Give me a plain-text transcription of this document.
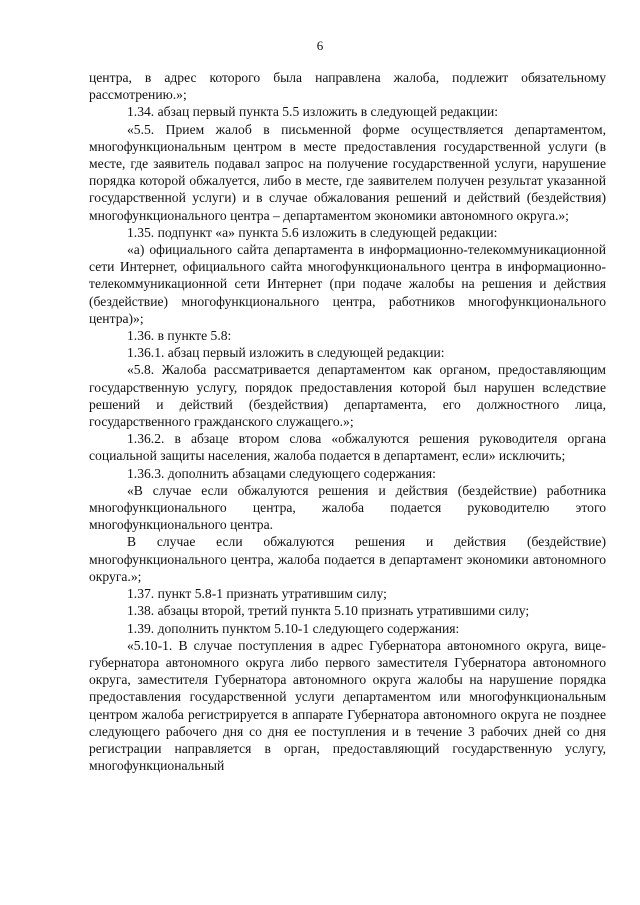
6

центра, в адрес которого была направлена жалоба, подлежит обязательному рассмотрению.»;

1.34. абзац первый пункта 5.5 изложить в следующей редакции:

«5.5. Прием жалоб в письменной форме осуществляется департаментом, многофункциональным центром в месте предоставления государственной услуги (в месте, где заявитель подавал запрос на получение государственной услуги, нарушение порядка которой обжалуется, либо в месте, где заявителем получен результат указанной государственной услуги) и в случае обжалования решений и действий (бездействия) многофункционального центра – департаментом экономики автономного округа.»;

1.35. подпункт «а» пункта 5.6 изложить в следующей редакции:

«а) официального сайта департамента в информационно-телекоммуникационной сети Интернет, официального сайта многофункционального центра в информационно-телекоммуникационной сети Интернет (при подаче жалобы на решения и действия (бездействие) многофункционального центра, работников многофункционального центра)»;

1.36. в пункте 5.8:

1.36.1. абзац первый изложить в следующей редакции:

«5.8. Жалоба рассматривается департаментом как органом, предоставляющим государственную услугу, порядок предоставления которой был нарушен вследствие решений и действий (бездействия) департамента, его должностного лица, государственного гражданского служащего.»;

1.36.2. в абзаце втором слова «обжалуются решения руководителя органа социальной защиты населения, жалоба подается в департамент, если» исключить;

1.36.3. дополнить абзацами следующего содержания:

«В случае если обжалуются решения и действия (бездействие) работника многофункционального центра, жалоба подается руководителю этого многофункционального центра.

В случае если обжалуются решения и действия (бездействие) многофункционального центра, жалоба подается в департамент экономики автономного округа.»;

1.37. пункт 5.8-1 признать утратившим силу;

1.38. абзацы второй, третий пункта 5.10 признать утратившими силу;

1.39. дополнить пунктом 5.10-1 следующего содержания:

«5.10-1. В случае поступления в адрес Губернатора автономного округа, вице-губернатора автономного округа либо первого заместителя Губернатора автономного округа, заместителя Губернатора автономного округа жалобы на нарушение порядка предоставления государственной услуги департаментом или многофункциональным центром жалоба регистрируется в аппарате Губернатора автономного округа не позднее следующего рабочего дня со дня ее поступления и в течение 3 рабочих дней со дня регистрации направляется в орган, предоставляющий государственную услугу, многофункциональный
